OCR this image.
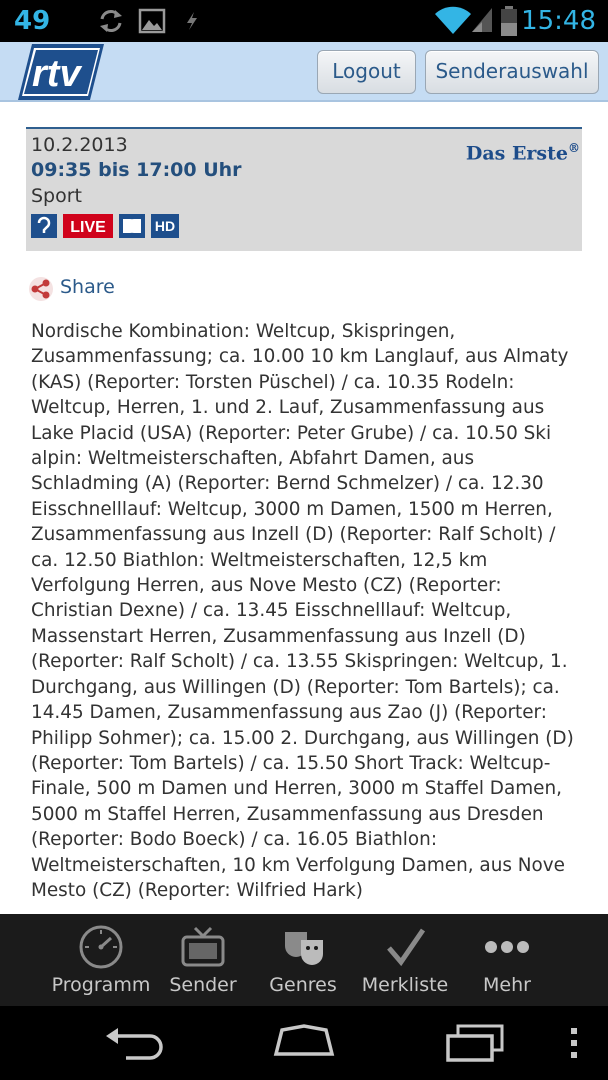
49	15:48
rtv	Logout	Senderauswahl
10.2.2013
09:35 bis 17:00 Uhr
Sport
Das Erste®
LIVE	HD
Share
Nordische Kombination: Weltcup, Skispringen, Zusammenfassung; ca. 10.00 10 km Langlauf, aus Almaty (KAS) (Reporter: Torsten Püschel) / ca. 10.35 Rodeln: Weltcup, Herren, 1. und 2. Lauf, Zusammenfassung aus Lake Placid (USA) (Reporter: Peter Grube) / ca. 10.50 Ski alpin: Weltmeisterschaften, Abfahrt Damen, aus Schladming (A) (Reporter: Bernd Schmelzer) / ca. 12.30 Eisschnelllauf: Weltcup, 3000 m Damen, 1500 m Herren, Zusammenfassung aus Inzell (D) (Reporter: Ralf Scholt) / ca. 12.50 Biathlon: Weltmeisterschaften, 12,5 km Verfolgung Herren, aus Nove Mesto (CZ) (Reporter: Christian Dexne) / ca. 13.45 Eisschnelllauf: Weltcup, Massenstart Herren, Zusammenfassung aus Inzell (D) (Reporter: Ralf Scholt) / ca. 13.55 Skispringen: Weltcup, 1. Durchgang, aus Willingen (D) (Reporter: Tom Bartels); ca. 14.45 Damen, Zusammenfassung aus Zao (J) (Reporter: Philipp Sohmer); ca. 15.00 2. Durchgang, aus Willingen (D) (Reporter: Tom Bartels) / ca. 15.50 Short Track: Weltcup-Finale, 500 m Damen und Herren, 3000 m Staffel Damen, 5000 m Staffel Herren, Zusammenfassung aus Dresden (Reporter: Bodo Boeck) / ca. 16.05 Biathlon: Weltmeisterschaften, 10 km Verfolgung Damen, aus Nove Mesto (CZ) (Reporter: Wilfried Hark)
Programm Sender	Genres	Merkliste	Mehr
